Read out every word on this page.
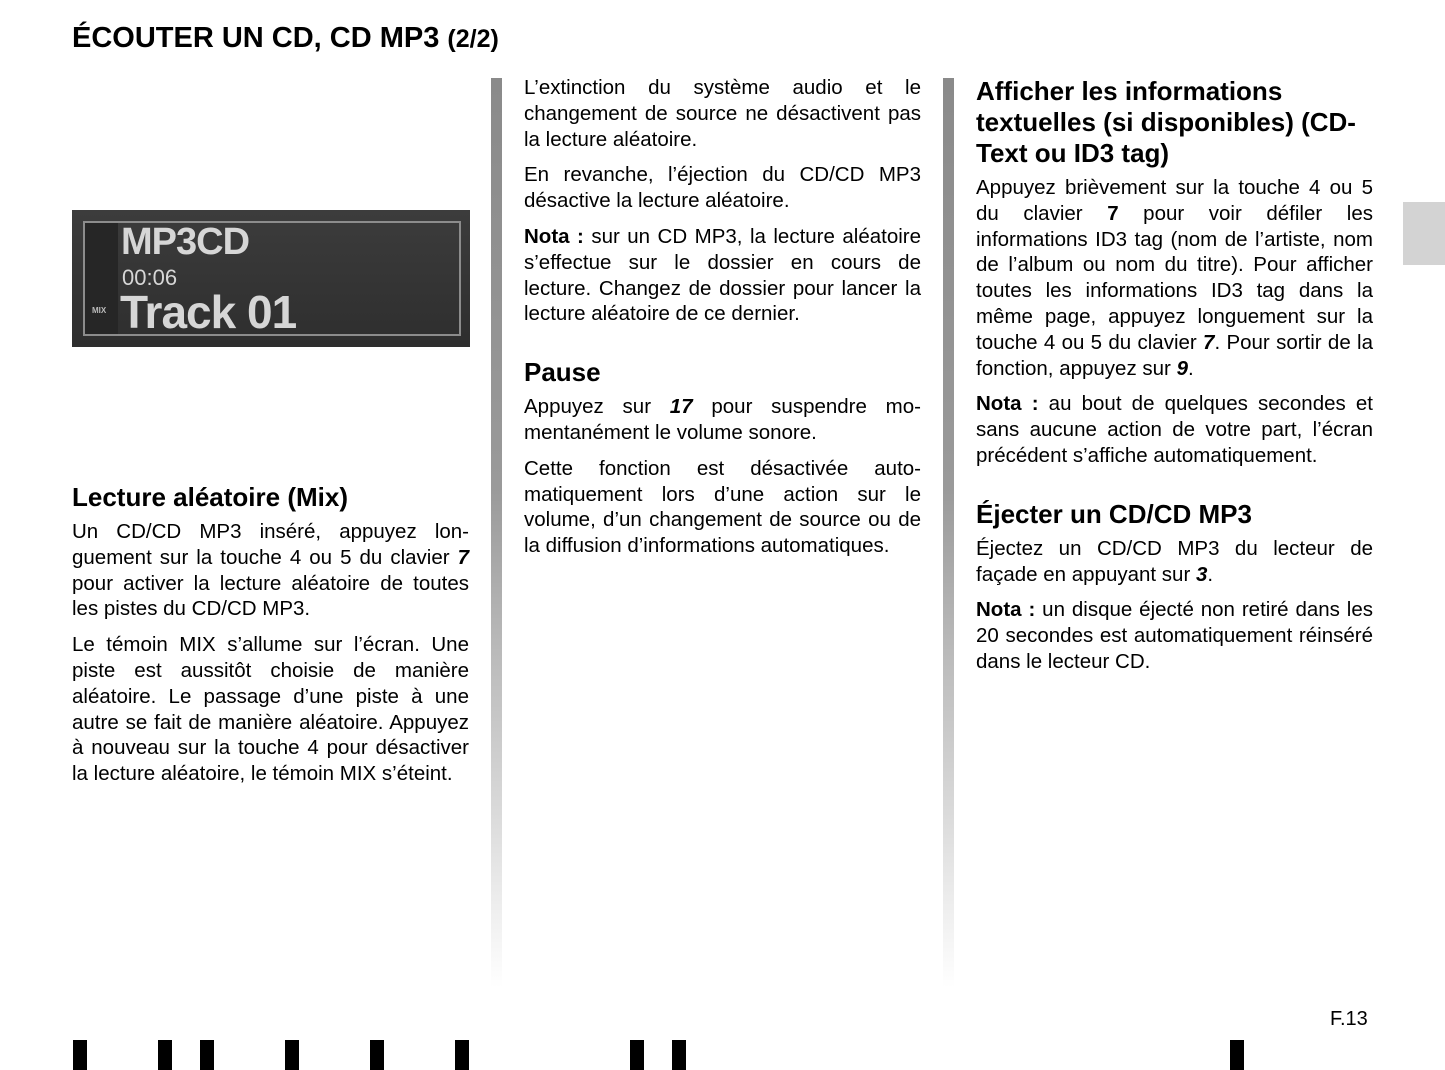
ÉCOUTER UN CD, CD MP3 (2/2)
MIX
MP3CD
00:06
Track 01
Lecture aléatoire (Mix)

Un CD/CD MP3 inséré, appuyez longuement sur la touche 4 ou 5 du clavier 7 pour activer la lecture aléatoire de toutes les pistes du CD/CD MP3.

Le témoin MIX s’allume sur l’écran. Une piste est aussitôt choisie de manière aléatoire. Le passage d’une piste à une autre se fait de manière aléatoire. Appuyez à nouveau sur la touche 4 pour désactiver la lecture aléatoire, le témoin MIX s’éteint.

L’extinction du système audio et le changement de source ne désactivent pas la lecture aléatoire.

En revanche, l’éjection du CD/CD MP3 désactive la lecture aléatoire.

Nota : sur un CD MP3, la lecture aléatoire s’effectue sur le dossier en cours de lecture. Changez de dossier pour lancer la lecture aléatoire de ce dernier.

Pause

Appuyez sur 17 pour suspendre momentanément le volume sonore.

Cette fonction est désactivée automatiquement lors d’une action sur le volume, d’un changement de source ou de la diffusion d’informations automatiques.

Afficher les informations textuelles (si disponibles) (CD-Text ou ID3 tag)

Appuyez brièvement sur la touche 4 ou 5 du clavier 7 pour voir défiler les informations ID3 tag (nom de l’artiste, nom de l’album ou nom du titre). Pour afficher toutes les informations ID3 tag dans la même page, appuyez longuement sur la touche 4 ou 5 du clavier 7. Pour sortir de la fonction, appuyez sur 9.

Nota : au bout de quelques secondes et sans aucune action de votre part, l’écran précédent s’affiche automatiquement.

Éjecter un CD/CD MP3

Éjectez un CD/CD MP3 du lecteur de façade en appuyant sur 3.

Nota : un disque éjecté non retiré dans les 20 secondes est automatiquement réinséré dans le lecteur CD.

F.13
